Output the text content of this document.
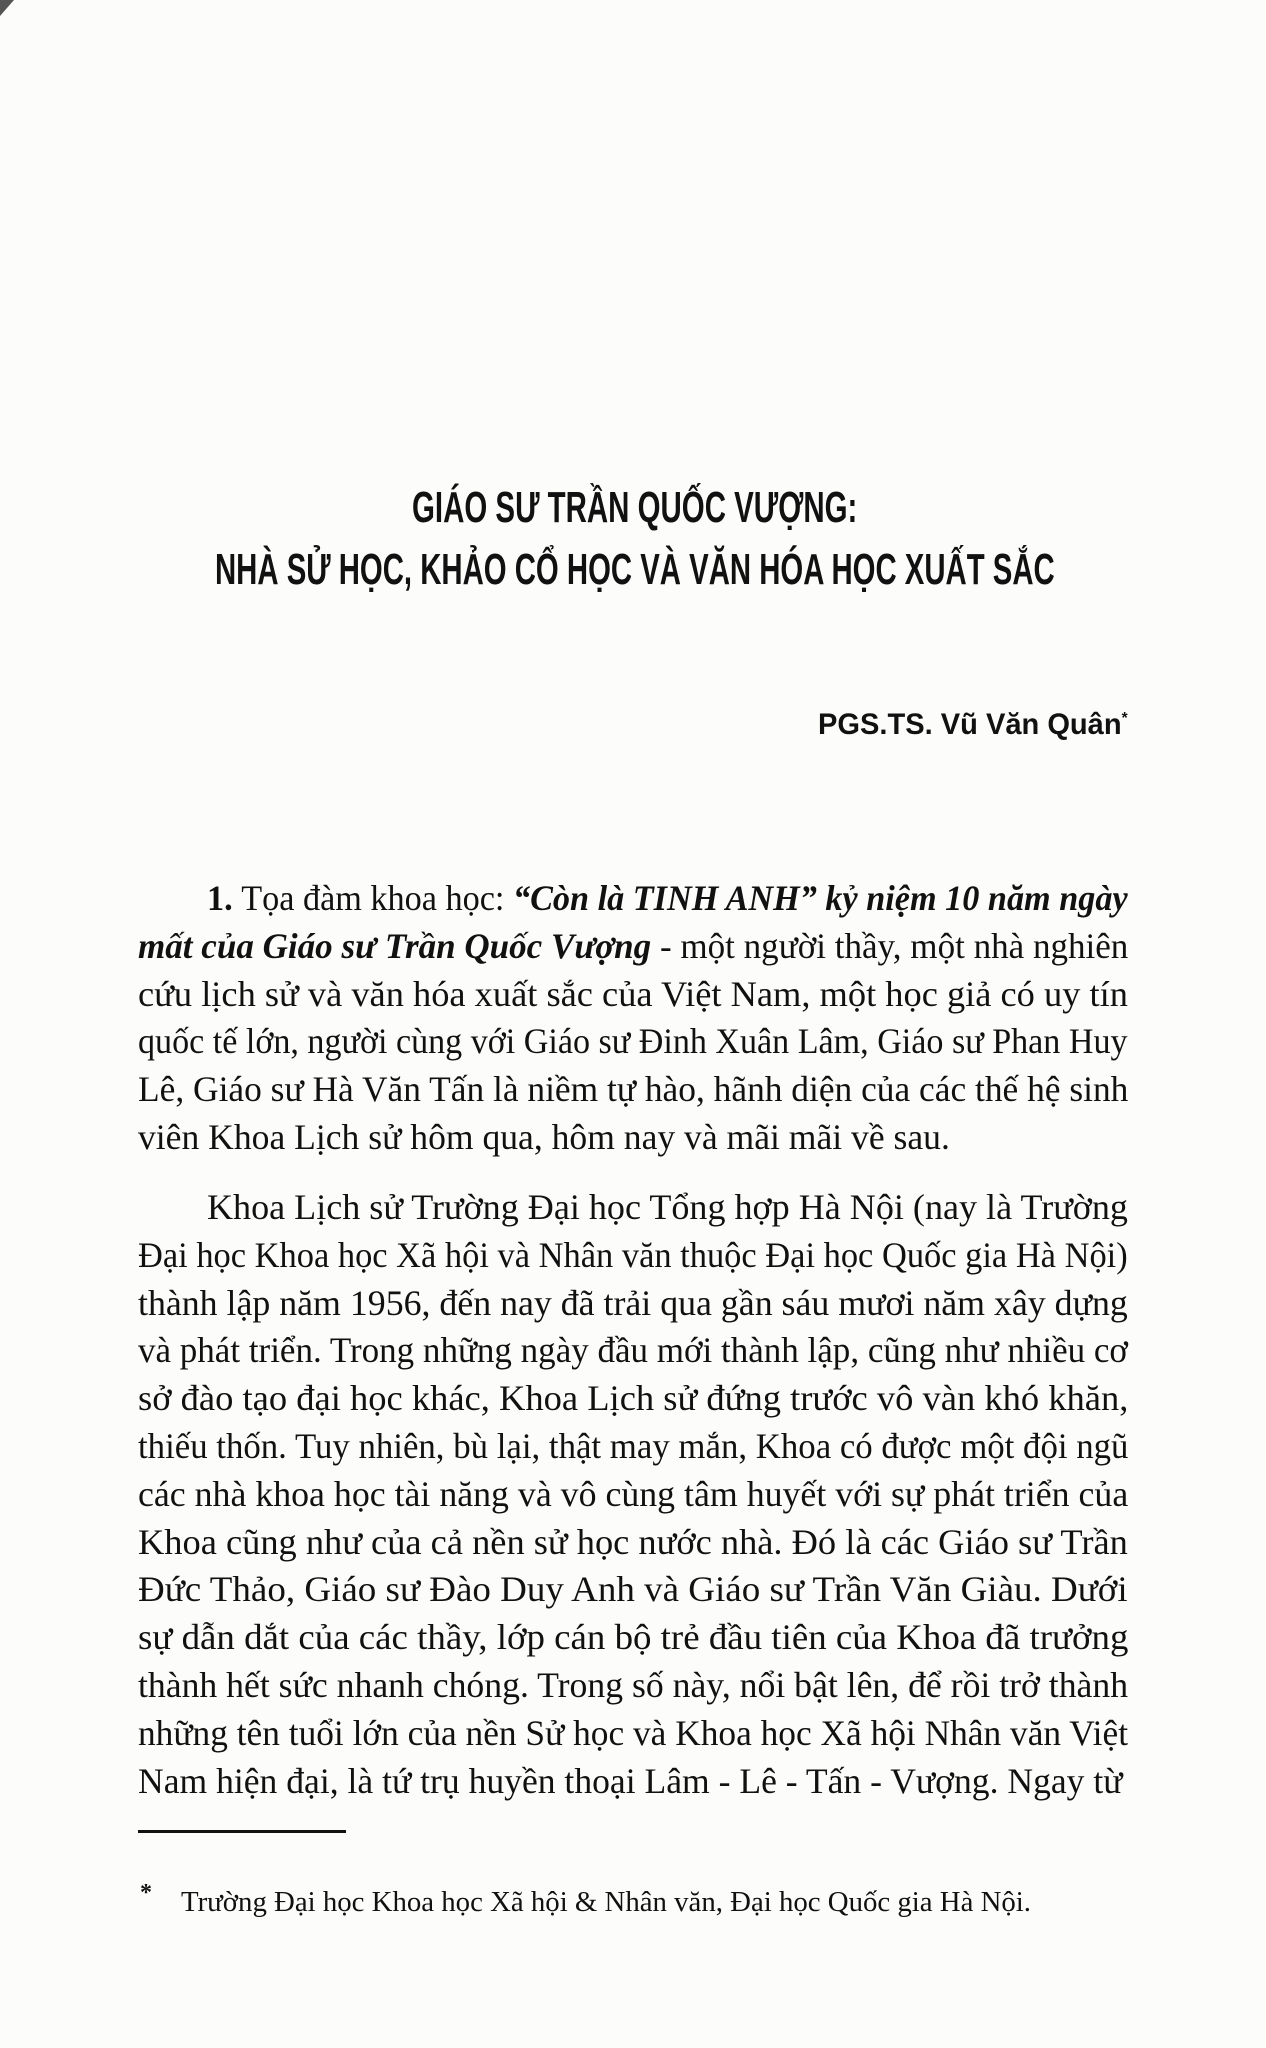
GIÁO SƯ TRẦN QUỐC VƯỢNG:
NHÀ SỬ HỌC, KHẢO CỔ HỌC VÀ VĂN HÓA HỌC XUẤT SẮC
PGS.TS. Vũ Văn Quân*
1. Tọa đàm khoa học: “Còn là TINH ANH” kỷ niệm 10 năm ngày
mất của Giáo sư Trần Quốc Vượng - một người thầy, một nhà nghiên
cứu lịch sử và văn hóa xuất sắc của Việt Nam, một học giả có uy tín
quốc tế lớn, người cùng với Giáo sư Đinh Xuân Lâm, Giáo sư Phan Huy
Lê, Giáo sư Hà Văn Tấn là niềm tự hào, hãnh diện của các thế hệ sinh
viên Khoa Lịch sử hôm qua, hôm nay và mãi mãi về sau.
Khoa Lịch sử Trường Đại học Tổng hợp Hà Nội (nay là Trường
Đại học Khoa học Xã hội và Nhân văn thuộc Đại học Quốc gia Hà Nội)
thành lập năm 1956, đến nay đã trải qua gần sáu mươi năm xây dựng
và phát triển. Trong những ngày đầu mới thành lập, cũng như nhiều cơ
sở đào tạo đại học khác, Khoa Lịch sử đứng trước vô vàn khó khăn,
thiếu thốn. Tuy nhiên, bù lại, thật may mắn, Khoa có được một đội ngũ
các nhà khoa học tài năng và vô cùng tâm huyết với sự phát triển của
Khoa cũng như của cả nền sử học nước nhà. Đó là các Giáo sư Trần
Đức Thảo, Giáo sư Đào Duy Anh và Giáo sư Trần Văn Giàu. Dưới
sự dẫn dắt của các thầy, lớp cán bộ trẻ đầu tiên của Khoa đã trưởng
thành hết sức nhanh chóng. Trong số này, nổi bật lên, để rồi trở thành
những tên tuổi lớn của nền Sử học và Khoa học Xã hội Nhân văn Việt
Nam hiện đại, là tứ trụ huyền thoại Lâm - Lê - Tấn - Vượng. Ngay từ
* Trường Đại học Khoa học Xã hội & Nhân văn, Đại học Quốc gia Hà Nội.
